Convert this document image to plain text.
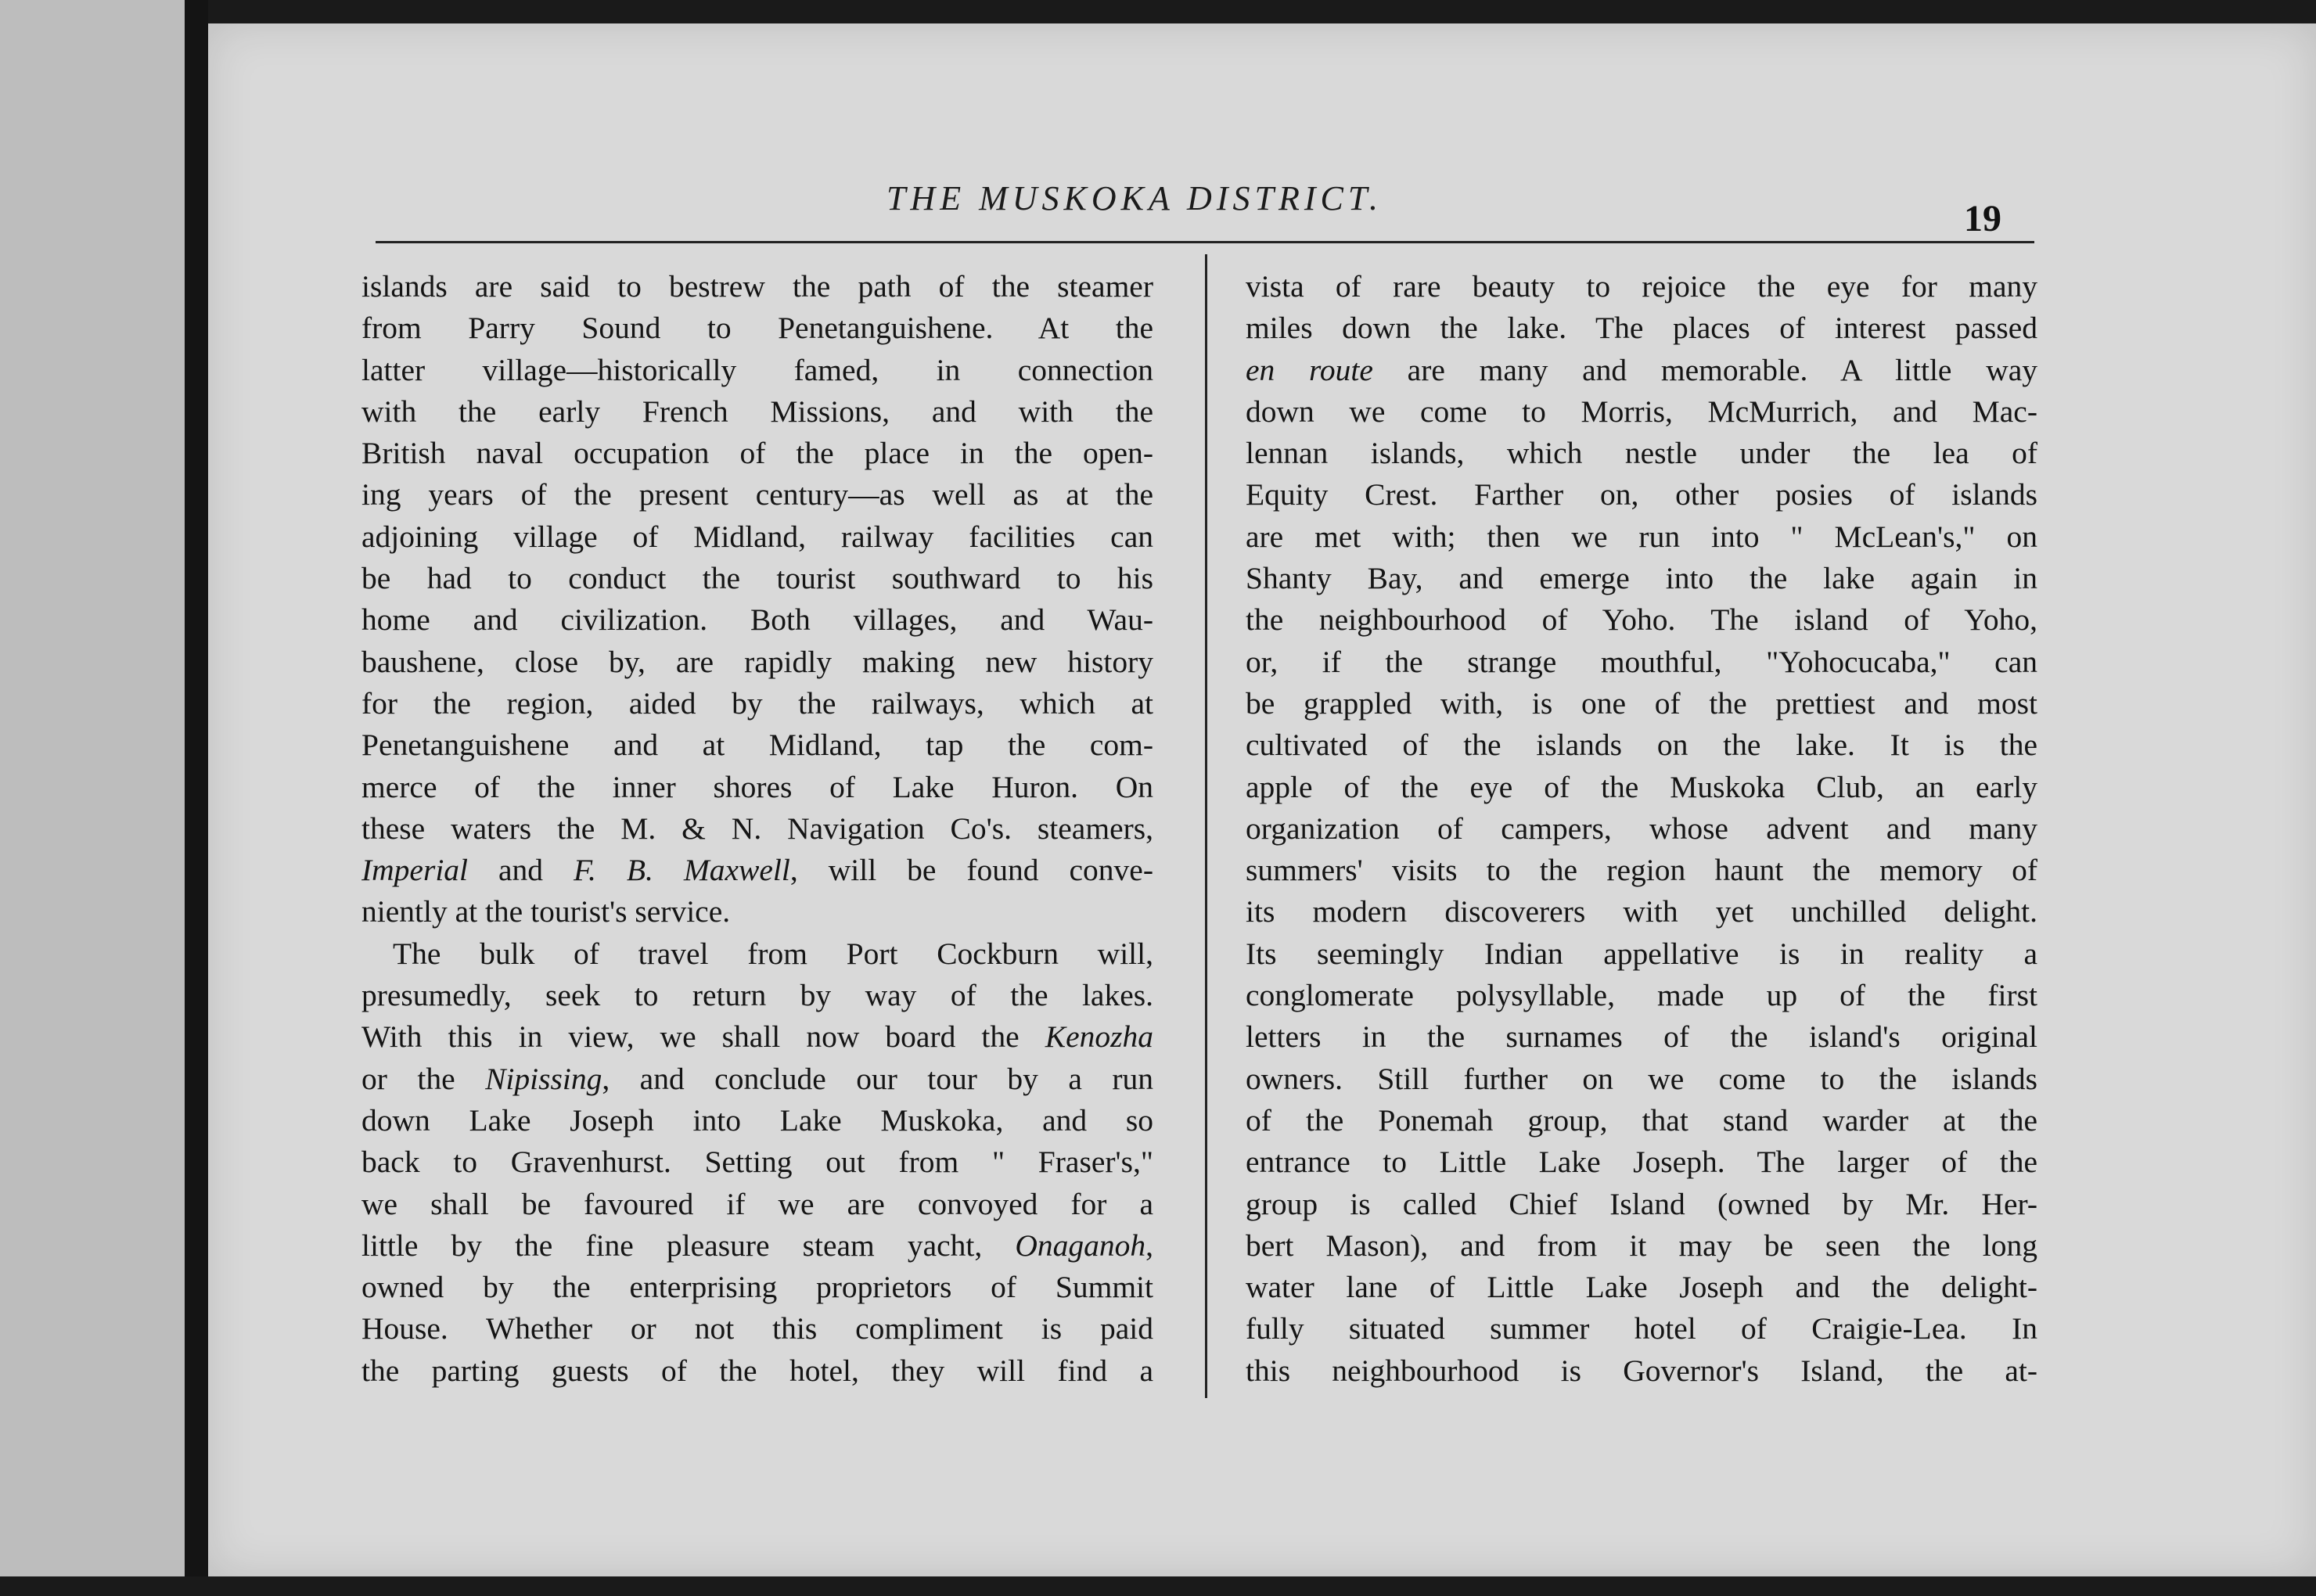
THE MUSKOKA DISTRICT.	19
islands are said to bestrew the path of the steamer
from Parry Sound to Penetanguishene. At the
latter village—historically famed, in connection
with the early French Missions, and with the
British naval occupation of the place in the open-
ing years of the present century—as well as at the
adjoining village of Midland, railway facilities can
be had to conduct the tourist southward to his
home and civilization. Both villages, and Wau-
baushene, close by, are rapidly making new history
for the region, aided by the railways, which at
Penetanguishene and at Midland, tap the com-
merce of the inner shores of Lake Huron. On
these waters the M. & N. Navigation Co's. steamers,
Imperial and F. B. Maxwell, will be found conve-
niently at the tourist's service.
The bulk of travel from Port Cockburn will,
presumedly, seek to return by way of the lakes.
With this in view, we shall now board the Kenozha
or the Nipissing, and conclude our tour by a run
down Lake Joseph into Lake Muskoka, and so
back to Gravenhurst. Setting out from " Fraser's,"
we shall be favoured if we are convoyed for a
little by the fine pleasure steam yacht, Onaganoh,
owned by the enterprising proprietors of Summit
House. Whether or not this compliment is paid
the parting guests of the hotel, they will find a
vista of rare beauty to rejoice the eye for many
miles down the lake. The places of interest passed
en route are many and memorable. A little way
down we come to Morris, McMurrich, and Mac-
lennan islands, which nestle under the lea of
Equity Crest. Farther on, other posies of islands
are met with; then we run into " McLean's," on
Shanty Bay, and emerge into the lake again in
the neighbourhood of Yoho. The island of Yoho,
or, if the strange mouthful, "Yohocucaba," can
be grappled with, is one of the prettiest and most
cultivated of the islands on the lake. It is the
apple of the eye of the Muskoka Club, an early
organization of campers, whose advent and many
summers' visits to the region haunt the memory of
its modern discoverers with yet unchilled delight.
Its seemingly Indian appellative is in reality a
conglomerate polysyllable, made up of the first
letters in the surnames of the island's original
owners. Still further on we come to the islands
of the Ponemah group, that stand warder at the
entrance to Little Lake Joseph. The larger of the
group is called Chief Island (owned by Mr. Her-
bert Mason), and from it may be seen the long
water lane of Little Lake Joseph and the delight-
fully situated summer hotel of Craigie-Lea. In
this neighbourhood is Governor's Island, the at-
